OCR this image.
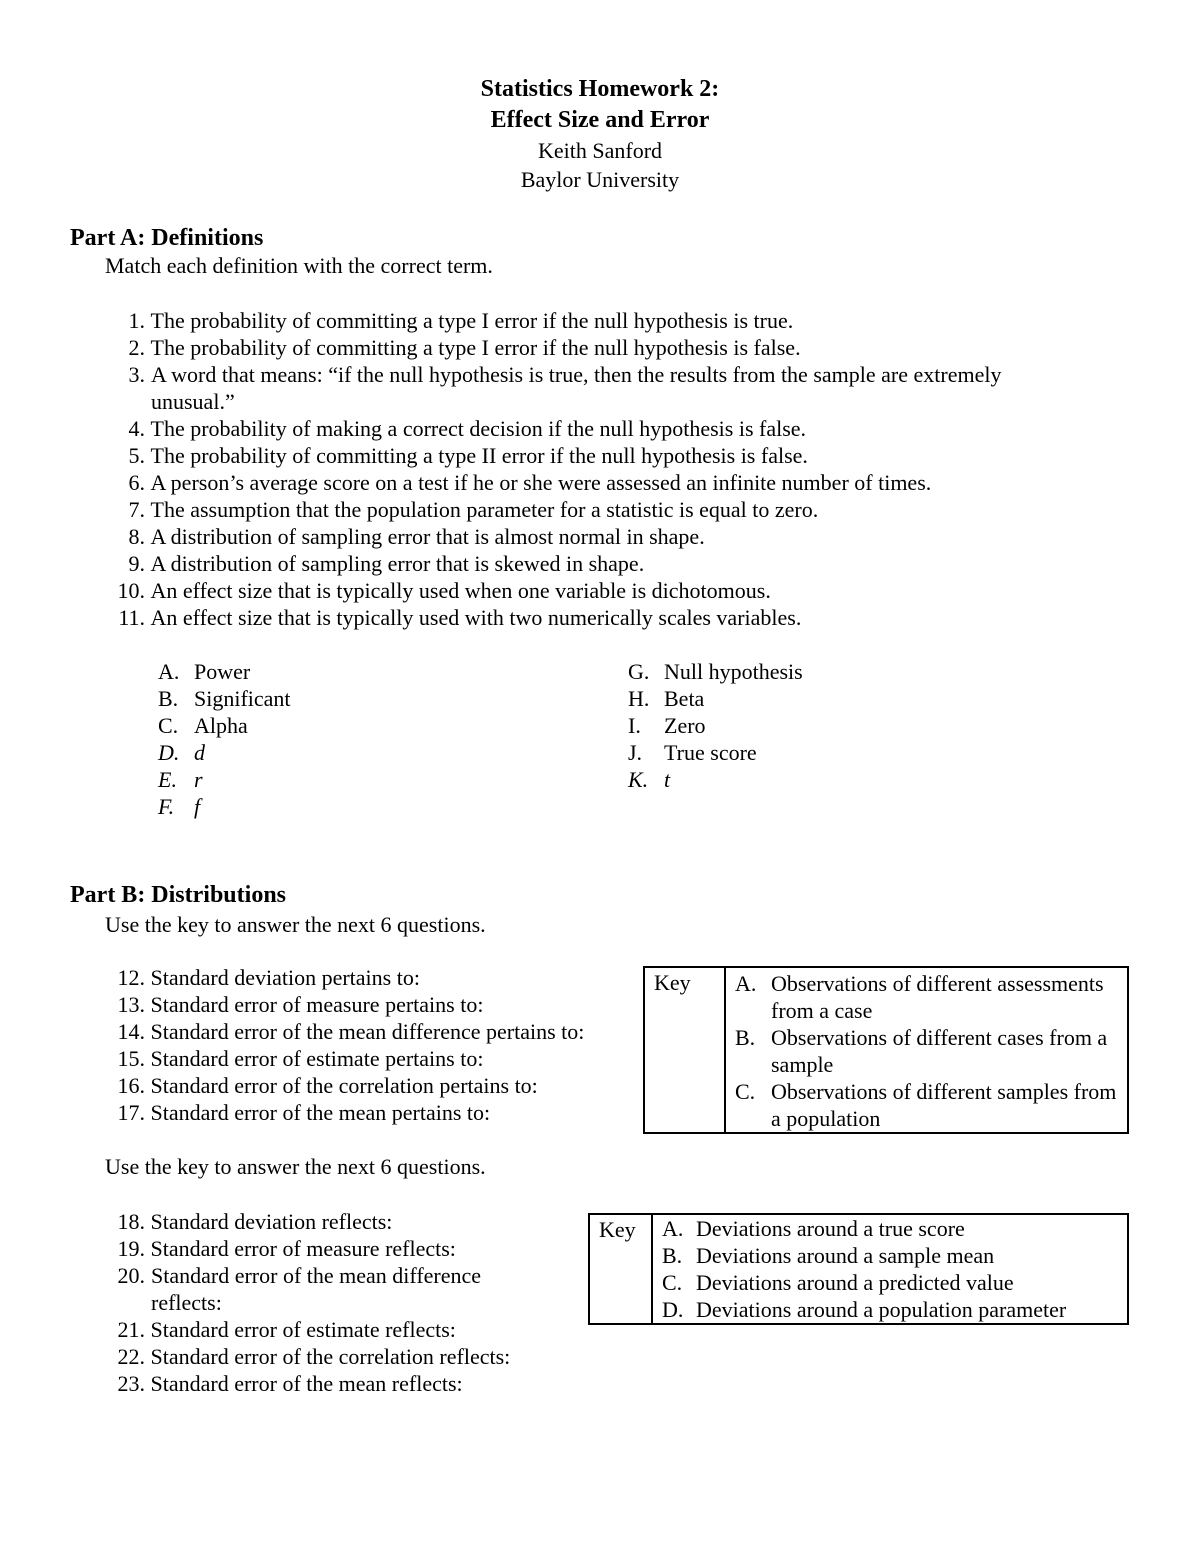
Statistics Homework 2:
Effect Size and Error
Keith Sanford
Baylor University
Part A: Definitions
Match each definition with the correct term.
1. The probability of committing a type I error if the null hypothesis is true.
2. The probability of committing a type I error if the null hypothesis is false.
3. A word that means: “if the null hypothesis is true, then the results from the sample are extremely unusual.”
4. The probability of making a correct decision if the null hypothesis is false.
5. The probability of committing a type II error if the null hypothesis is false.
6. A person’s average score on a test if he or she were assessed an infinite number of times.
7. The assumption that the population parameter for a statistic is equal to zero.
8. A distribution of sampling error that is almost normal in shape.
9. A distribution of sampling error that is skewed in shape.
10. An effect size that is typically used when one variable is dichotomous.
11. An effect size that is typically used with two numerically scales variables.
A. Power
B. Significant
C. Alpha
D. d
E. r
F. f
G. Null hypothesis
H. Beta
I.	Zero
J. True score
K. t
Part B: Distributions
Use the key to answer the next 6 questions.
12. Standard deviation pertains to:
13. Standard error of measure pertains to:
14. Standard error of the mean difference pertains to:
15. Standard error of estimate pertains to:
16. Standard error of the correlation pertains to:
17. Standard error of the mean pertains to:
Key	A. Observations of different assessments from a case
B. Observations of different cases from a sample
C. Observations of different samples from a population
Use the key to answer the next 6 questions.
18. Standard deviation reflects:
19. Standard error of measure reflects:
20. Standard error of the mean difference reflects:
21. Standard error of estimate reflects:
22. Standard error of the correlation reflects:
23. Standard error of the mean reflects:
Key	A. Deviations around a true score
B. Deviations around a sample mean
C. Deviations around a predicted value
D. Deviations around a population parameter
